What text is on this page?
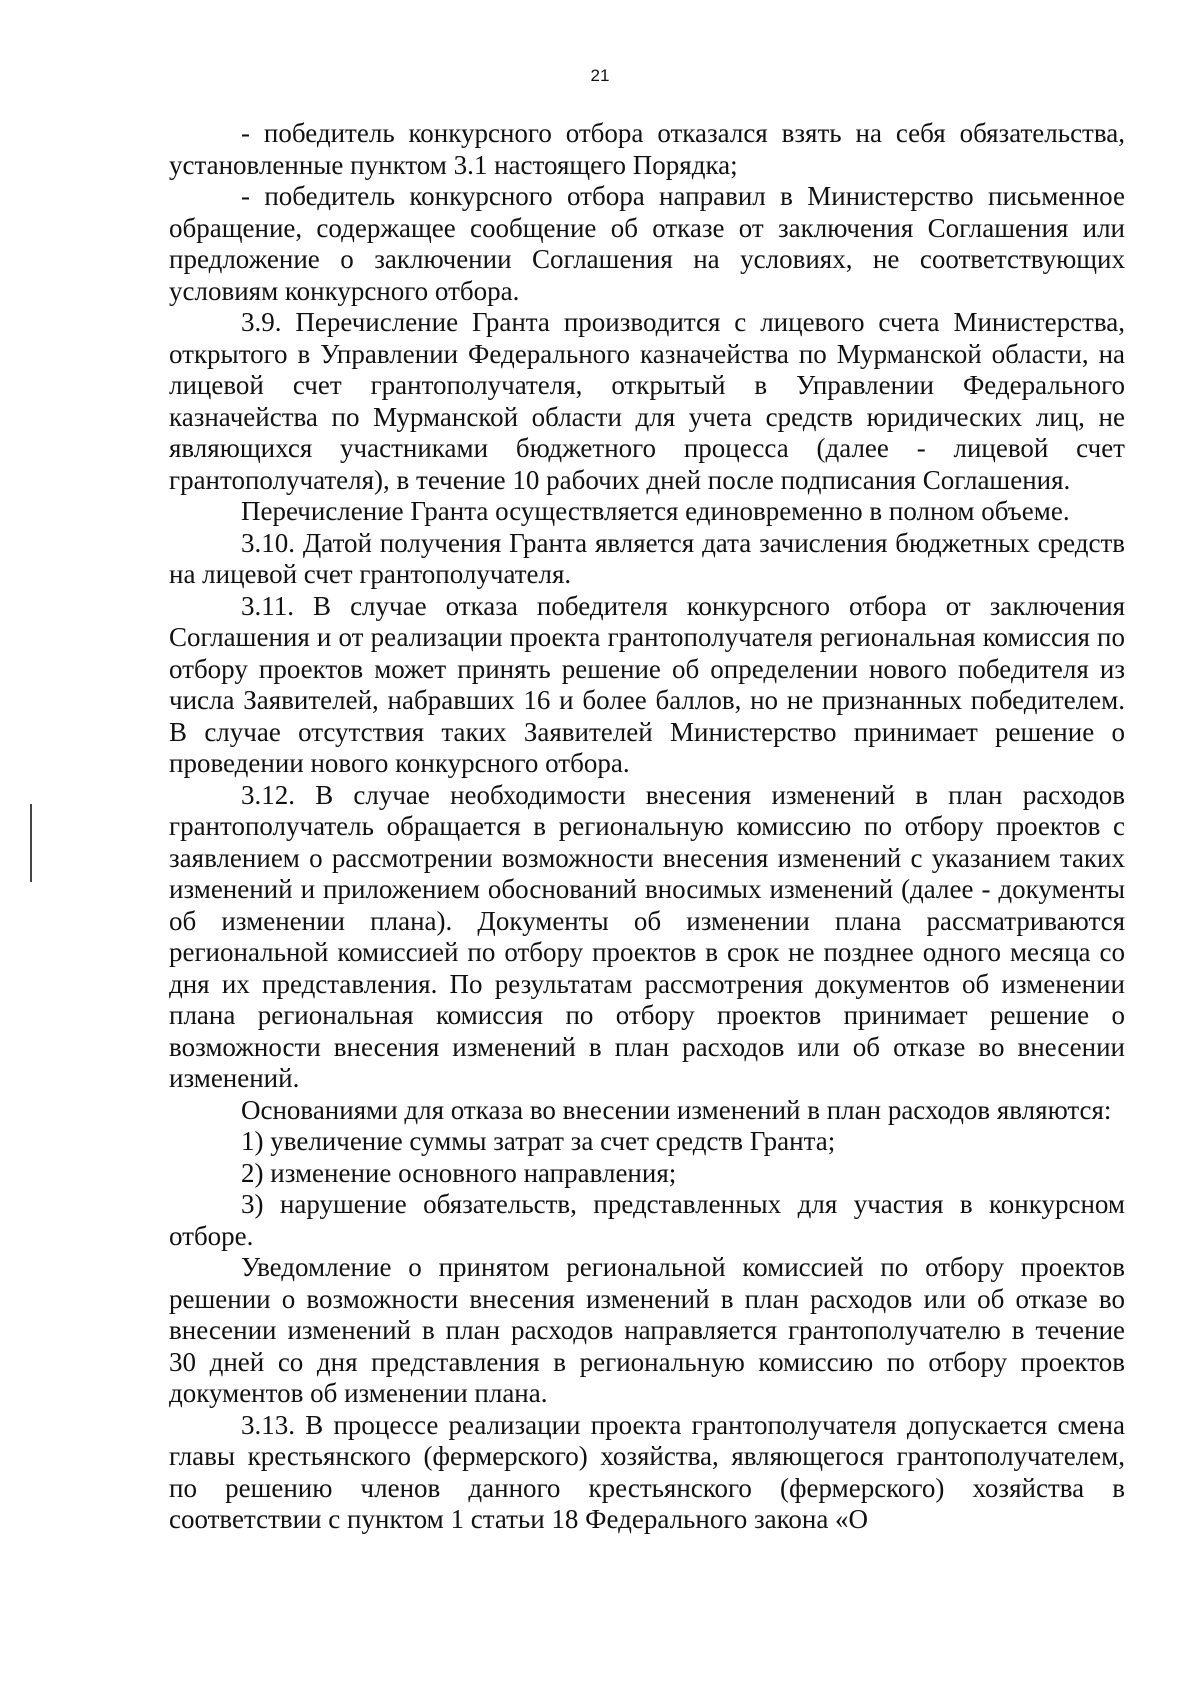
21

- победитель конкурсного отбора отказался взять на себя обязательства, установленные пунктом 3.1 настоящего Порядка;

- победитель конкурсного отбора направил в Министерство письменное обращение, содержащее сообщение об отказе от заключения Соглашения или предложение о заключении Соглашения на условиях, не соответствующих условиям конкурсного отбора.

3.9. Перечисление Гранта производится с лицевого счета Министерства, открытого в Управлении Федерального казначейства по Мурманской области, на лицевой счет грантополучателя, открытый в Управлении Федерального казначейства по Мурманской области для учета средств юридических лиц, не являющихся участниками бюджетного процесса (далее - лицевой счет грантополучателя), в течение 10 рабочих дней после подписания Соглашения.

Перечисление Гранта осуществляется единовременно в полном объеме.

3.10. Датой получения Гранта является дата зачисления бюджетных средств на лицевой счет грантополучателя.

3.11. В случае отказа победителя конкурсного отбора от заключения Соглашения и от реализации проекта грантополучателя региональная комиссия по отбору проектов может принять решение об определении нового победителя из числа Заявителей, набравших 16 и более баллов, но не признанных победителем. В случае отсутствия таких Заявителей Министерство принимает решение о проведении нового конкурсного отбора.

3.12. В случае необходимости внесения изменений в план расходов грантополучатель обращается в региональную комиссию по отбору проектов с заявлением о рассмотрении возможности внесения изменений с указанием таких изменений и приложением обоснований вносимых изменений (далее - документы об изменении плана). Документы об изменении плана рассматриваются региональной комиссией по отбору проектов в срок не позднее одного месяца со дня их представления. По результатам рассмотрения документов об изменении плана региональная комиссия по отбору проектов принимает решение о возможности внесения изменений в план расходов или об отказе во внесении изменений.

Основаниями для отказа во внесении изменений в план расходов являются:

1) увеличение суммы затрат за счет средств Гранта;

2) изменение основного направления;

3) нарушение обязательств, представленных для участия в конкурсном отборе.

Уведомление о принятом региональной комиссией по отбору проектов решении о возможности внесения изменений в план расходов или об отказе во внесении изменений в план расходов направляется грантополучателю в течение 30 дней со дня представления в региональную комиссию по отбору проектов документов об изменении плана.

3.13. В процессе реализации проекта грантополучателя допускается смена главы крестьянского (фермерского) хозяйства, являющегося грантополучателем, по решению членов данного крестьянского (фермерского) хозяйства в соответствии с пунктом 1 статьи 18 Федерального закона «О
